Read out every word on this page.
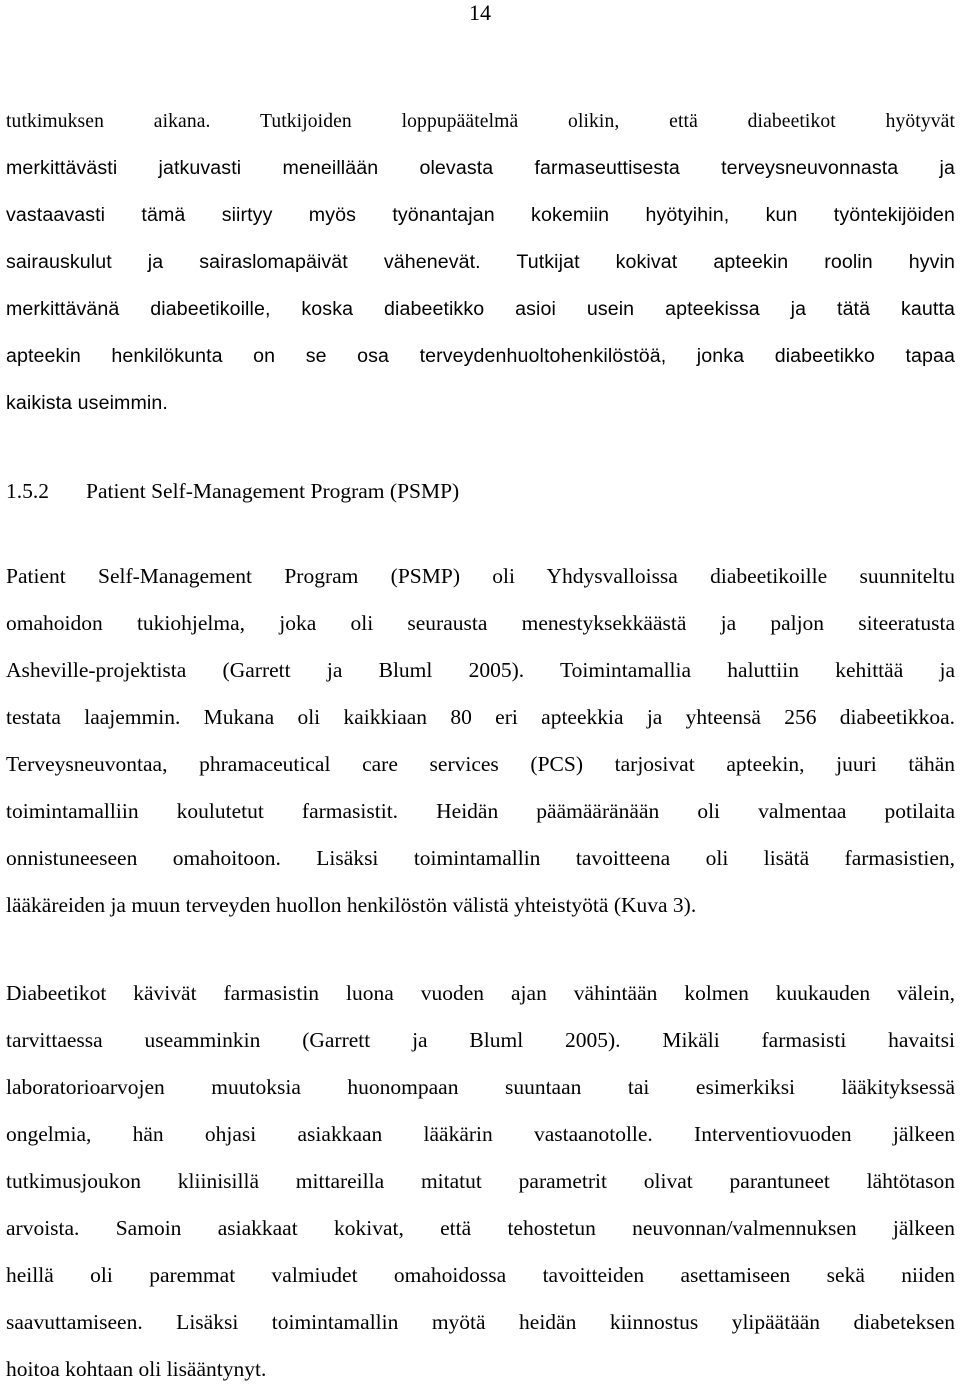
14
tutkimuksen aikana. Tutkijoiden loppupäätelmä olikin, että diabeetikot hyötyvät
merkittävästi jatkuvasti meneillään olevasta farmaseuttisesta terveysneuvonnasta ja
vastaavasti tämä siirtyy myös työnantajan kokemiin hyötyihin, kun työntekijöiden
sairauskulut ja sairaslomapäivät vähenevät. Tutkijat kokivat apteekin roolin hyvin
merkittävänä diabeetikoille, koska diabeetikko asioi usein apteekissa ja tätä kautta
apteekin henkilökunta on se osa terveydenhuoltohenkilöstöä, jonka diabeetikko tapaa
kaikista useimmin.
1.5.2 Patient Self-Management Program (PSMP)
Patient Self-Management Program (PSMP) oli Yhdysvalloissa diabeetikoille suunniteltu
omahoidon tukiohjelma, joka oli seurausta menestyksekkäästä ja paljon siteeratusta
Asheville-projektista (Garrett ja Bluml 2005). Toimintamallia haluttiin kehittää ja
testata laajemmin. Mukana oli kaikkiaan 80 eri apteekkia ja yhteensä 256 diabeetikkoa.
Terveysneuvontaa, phramaceutical care services (PCS) tarjosivat apteekin, juuri tähän
toimintamalliin koulutetut farmasistit. Heidän päämääränään oli valmentaa potilaita
onnistuneeseen omahoitoon. Lisäksi toimintamallin tavoitteena oli lisätä farmasistien,
lääkäreiden ja muun terveyden huollon henkilöstön välistä yhteistyötä (Kuva 3).
Diabeetikot kävivät farmasistin luona vuoden ajan vähintään kolmen kuukauden välein,
tarvittaessa useamminkin (Garrett ja Bluml 2005). Mikäli farmasisti havaitsi
laboratorioarvojen muutoksia huonompaan suuntaan tai esimerkiksi lääkityksessä
ongelmia, hän ohjasi asiakkaan lääkärin vastaanotolle. Interventiovuoden jälkeen
tutkimusjoukon kliinisillä mittareilla mitatut parametrit olivat parantuneet lähtötason
arvoista. Samoin asiakkaat kokivat, että tehostetun neuvonnan/valmennuksen jälkeen
heillä oli paremmat valmiudet omahoidossa tavoitteiden asettamiseen sekä niiden
saavuttamiseen. Lisäksi toimintamallin myötä heidän kiinnostus ylipäätään diabeteksen
hoitoa kohtaan oli lisääntynyt.
